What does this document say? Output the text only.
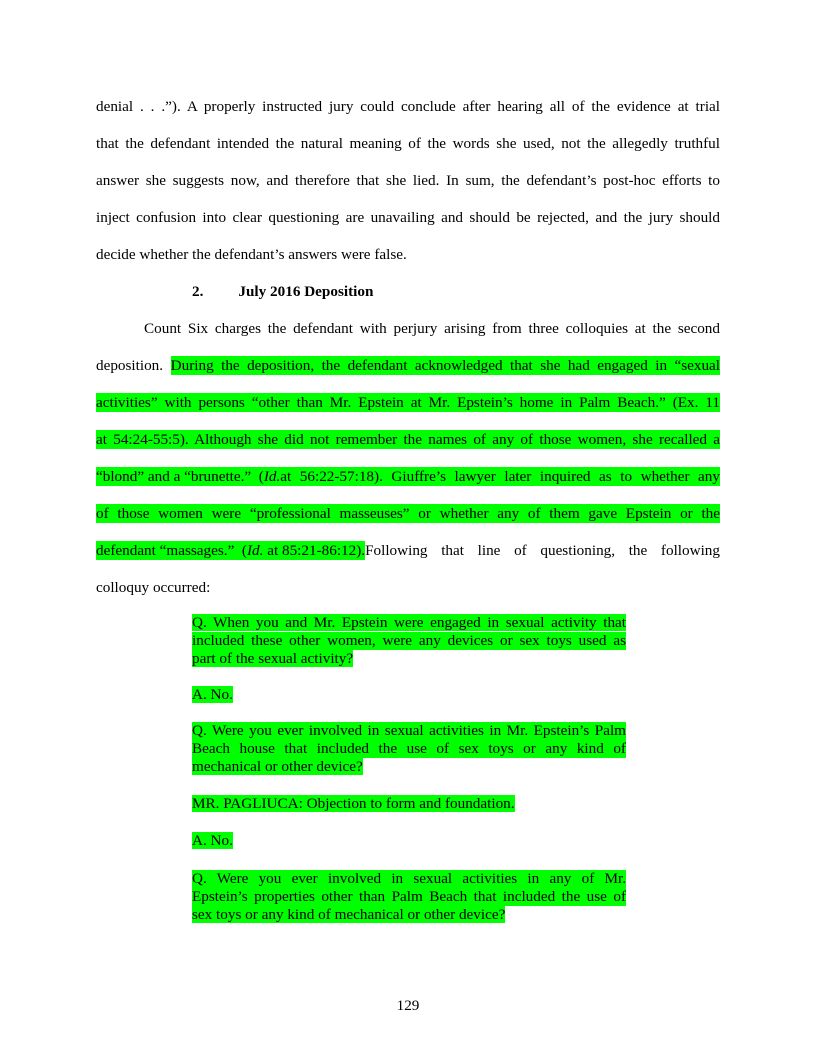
denial . . .”). A properly instructed jury could conclude after hearing all of the evidence at trial
that the defendant intended the natural meaning of the words she used, not the allegedly truthful
answer she suggests now, and therefore that she lied. In sum, the defendant’s post-hoc efforts to
inject confusion into clear questioning are unavailing and should be rejected, and the jury should
decide whether the defendant’s answers were false.
2. July 2016 Deposition
Count Six charges the defendant with perjury arising from three colloquies at the second
deposition. During the deposition, the defendant acknowledged that she had engaged in “sexual
activities” with persons “other than Mr. Epstein at Mr. Epstein’s home in Palm Beach.” (Ex. 11
at 54:24-55:5). Although she did not remember the names of any of those women, she recalled a
“blond” and a “brunette.”  ( Id. at 56:22-57:18). Giuffre’s lawyer later inquired as to whether any
of those women were “professional masseuses” or whether any of them gave Epstein or the
defendant “massages.”  (Id. at 85:21-86:12). Following that line of questioning, the following
colloquy occurred:
Q. When you and Mr. Epstein were engaged in sexual activity that
included these other women, were any devices or sex toys used as
part of the sexual activity?
A. No.
Q. Were you ever involved in sexual activities in Mr. Epstein’s Palm
Beach house that included the use of sex toys or any kind of
mechanical or other device?
MR. PAGLIUCA: Objection to form and foundation.
A. No.
Q. Were you ever involved in sexual activities in any of Mr.
Epstein’s properties other than Palm Beach that included the use of
sex toys or any kind of mechanical or other device?
129
